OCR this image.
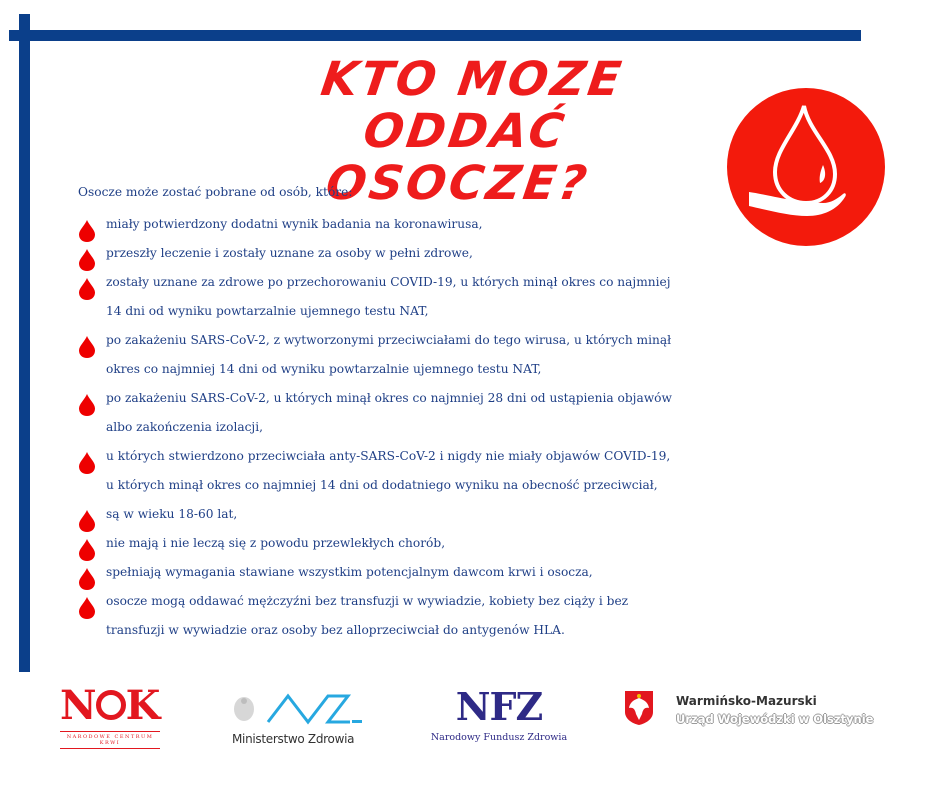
KTO MOZE ODDAĆ
OSOCZE?
Osocze może zostać pobrane od osób, które:
miały potwierdzony dodatni wynik badania na koronawirusa,
przeszły leczenie i zostały uznane za osoby w pełni zdrowe,
zostały uznane za zdrowe po przechorowaniu COVID-19, u których minął okres co najmniej
14 dni od wyniku powtarzalnie ujemnego testu NAT,
po zakażeniu SARS-CoV-2, z wytworzonymi przeciwciałami do tego wirusa, u których minął
okres co najmniej 14 dni od wyniku powtarzalnie ujemnego testu NAT,
po zakażeniu SARS-CoV-2, u których minął okres co najmniej 28 dni od ustąpienia objawów
albo zakończenia izolacji,
u których stwierdzono przeciwciała anty-SARS-CoV-2 i nigdy nie miały objawów COVID-19,
u których minął okres co najmniej 14 dni od dodatniego wyniku na obecność przeciwciał,
są w wieku 18-60 lat,
nie mają i nie leczą się z powodu przewlekłych chorób,
spełniają wymagania stawiane wszystkim potencjalnym dawcom krwi i osocza,
osocze mogą oddawać mężczyźni bez transfuzji w wywiadzie, kobiety bez ciąży i bez
transfuzji w wywiadzie oraz osoby bez alloprzeciwciał do antygenów HLA.
N K
NARODOWE CENTRUM KRWI	Ministerstwo Zdrowia
NFZ
Narodowy Fundusz Zdrowia
Warmińsko-Mazurski
Urząd Wojewódzki w Olsztynie
